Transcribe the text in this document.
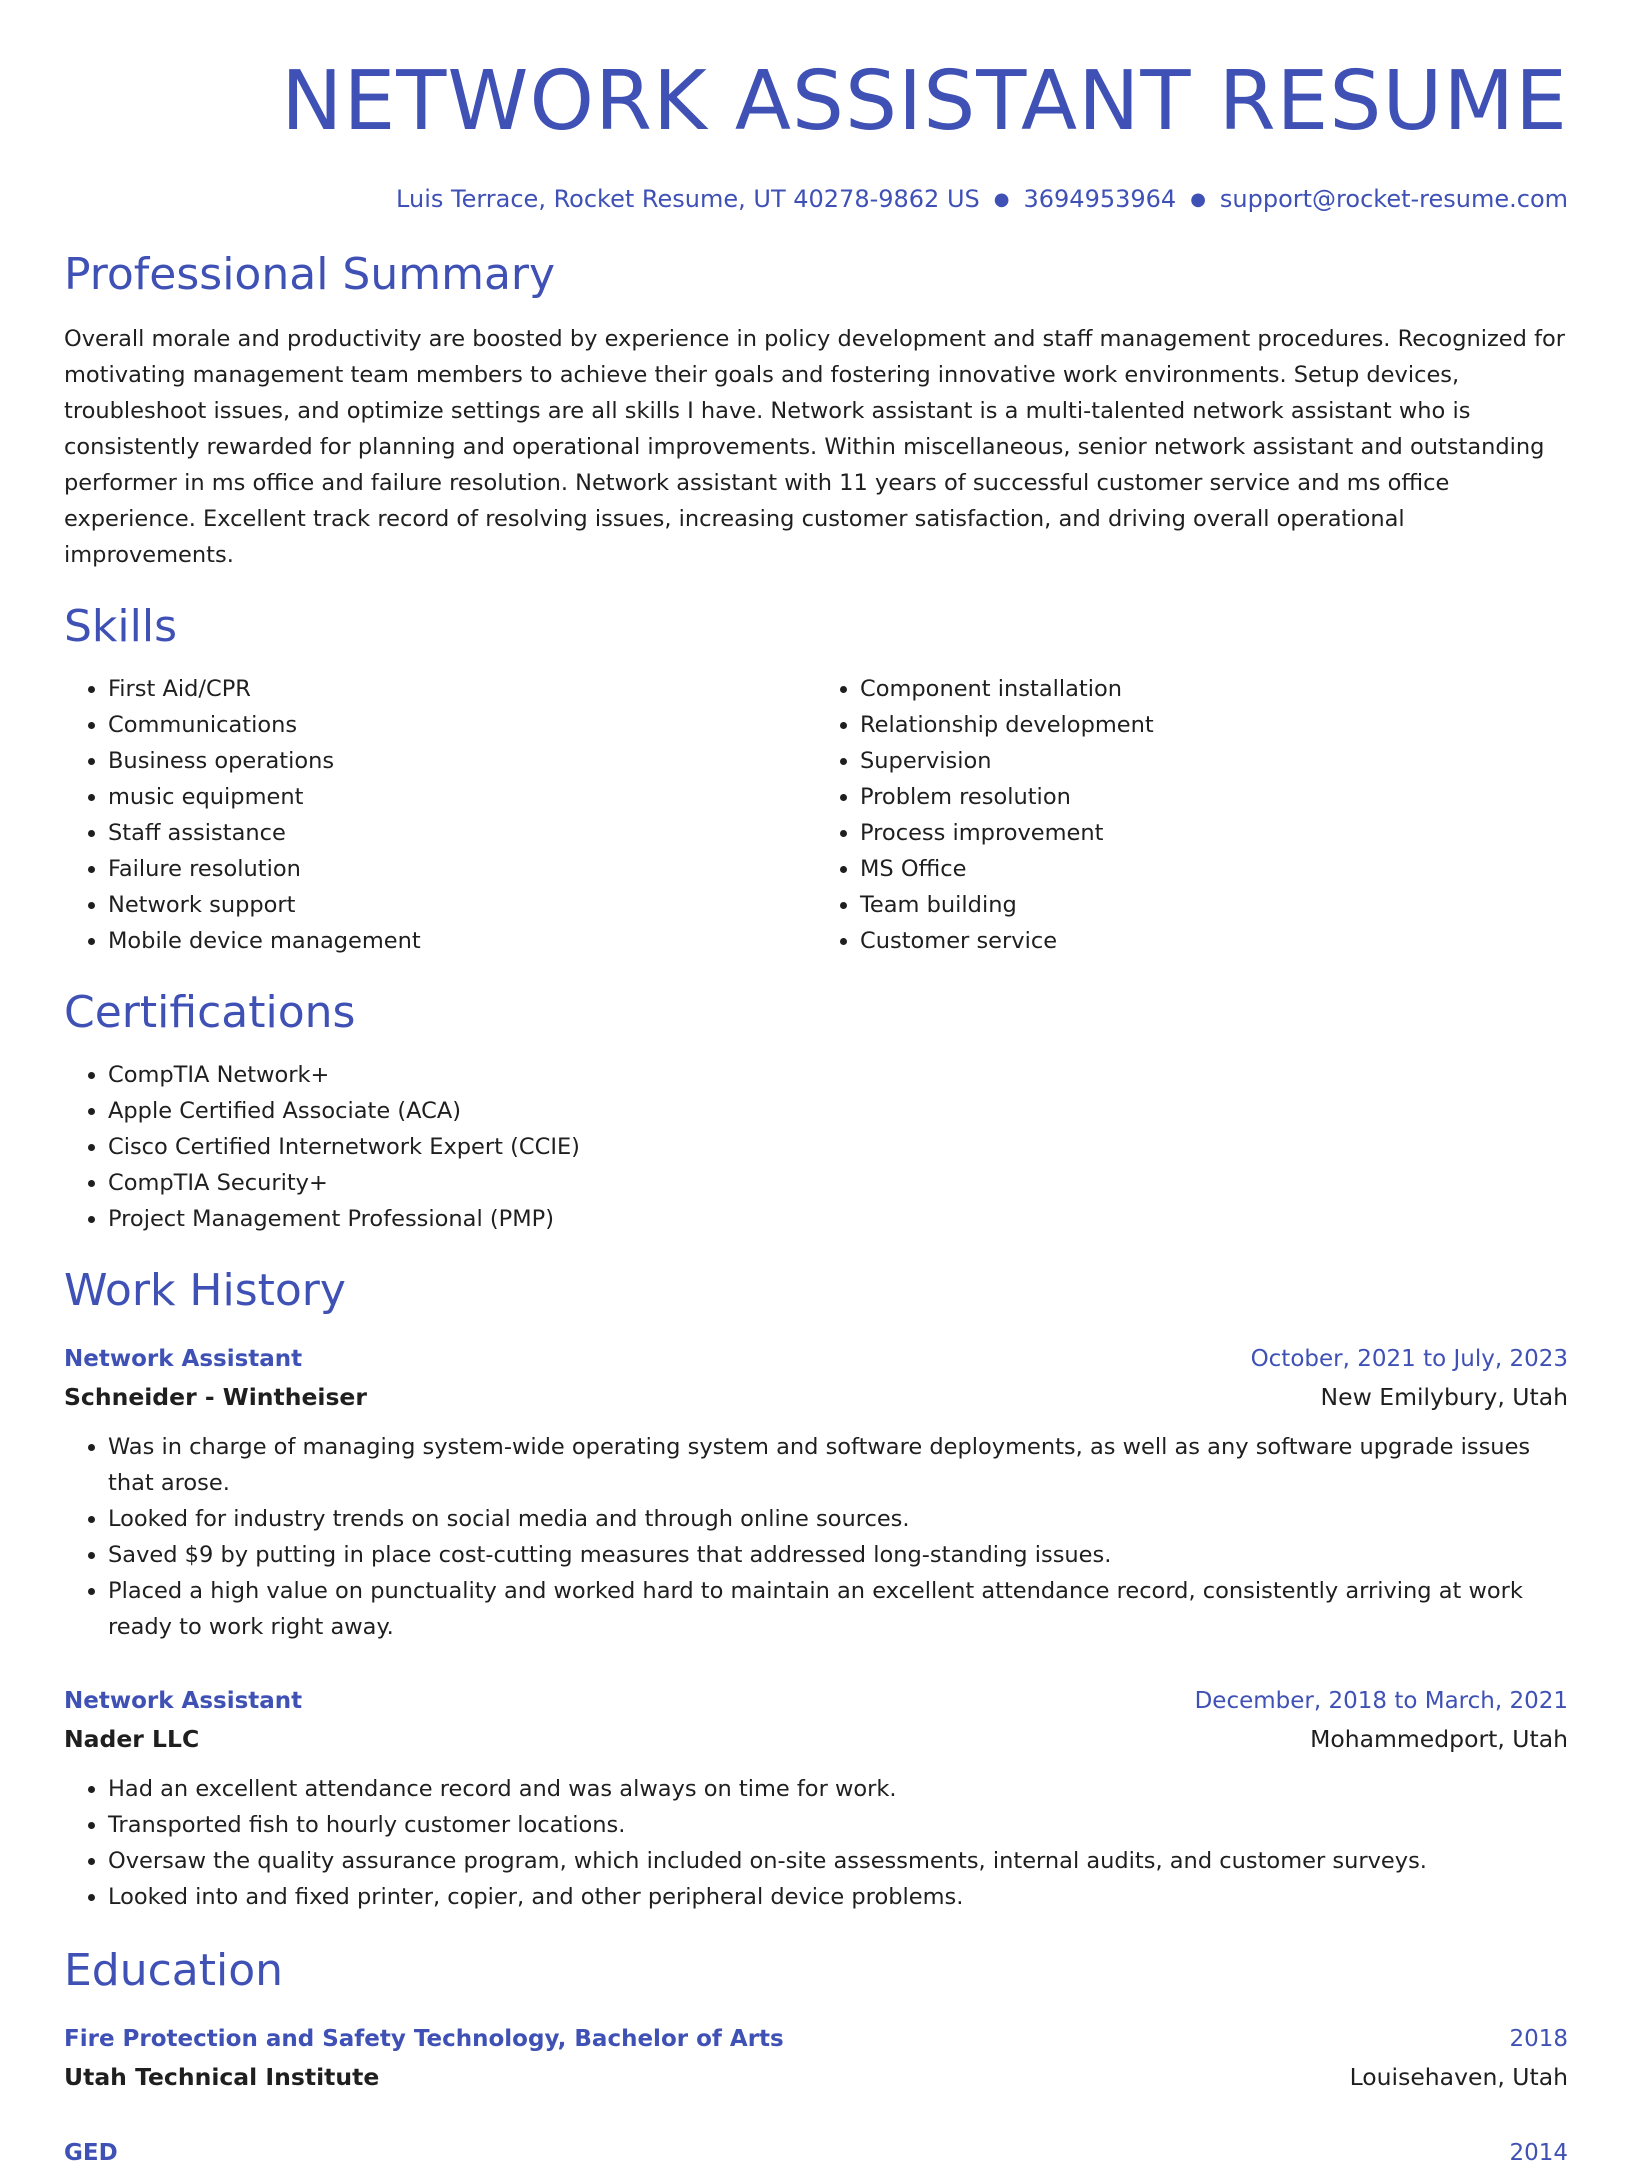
NETWORK ASSISTANT RESUME
Luis Terrace, Rocket Resume, UT 40278-9862 US ● 3694953964 ● support@rocket-resume.com
Professional Summary

Overall morale and productivity are boosted by experience in policy development and staff management procedures. Recognized for motivating management team members to achieve their goals and fostering innovative work environments. Setup devices, troubleshoot issues, and optimize settings are all skills I have. Network assistant is a multi-talented network assistant who is consistently rewarded for planning and operational improvements. Within miscellaneous, senior network assistant and outstanding performer in ms office and failure resolution. Network assistant with 11 years of successful customer service and ms office experience. Excellent track record of resolving issues, increasing customer satisfaction, and driving overall operational improvements.

Skills
• First Aid/CPR
• Communications
• Business operations
• music equipment
• Staff assistance
• Failure resolution
• Network support
• Mobile device management
• Component installation
• Relationship development
• Supervision
• Problem resolution
• Process improvement
• MS Office
• Team building
• Customer service
Certifications
• CompTIA Network+
• Apple Certified Associate (ACA)
• Cisco Certified Internetwork Expert (CCIE)
• CompTIA Security+
• Project Management Professional (PMP)
Work History
Network Assistant	October, 2021 to July, 2023
Schneider - Wintheiser	New Emilybury, Utah
• Was in charge of managing system-wide operating system and software deployments, as well as any software upgrade issues that arose.
• Looked for industry trends on social media and through online sources.
• Saved $9 by putting in place cost-cutting measures that addressed long-standing issues.
• Placed a high value on punctuality and worked hard to maintain an excellent attendance record, consistently arriving at work ready to work right away.
Network Assistant	December, 2018 to March, 2021
Nader LLC	Mohammedport, Utah
• Had an excellent attendance record and was always on time for work.
• Transported fish to hourly customer locations.
• Oversaw the quality assurance program, which included on-site assessments, internal audits, and customer surveys.
• Looked into and fixed printer, copier, and other peripheral device problems.
Education
Fire Protection and Safety Technology, Bachelor of Arts	2018
Utah Technical Institute	Louisehaven, Utah
GED	2014
